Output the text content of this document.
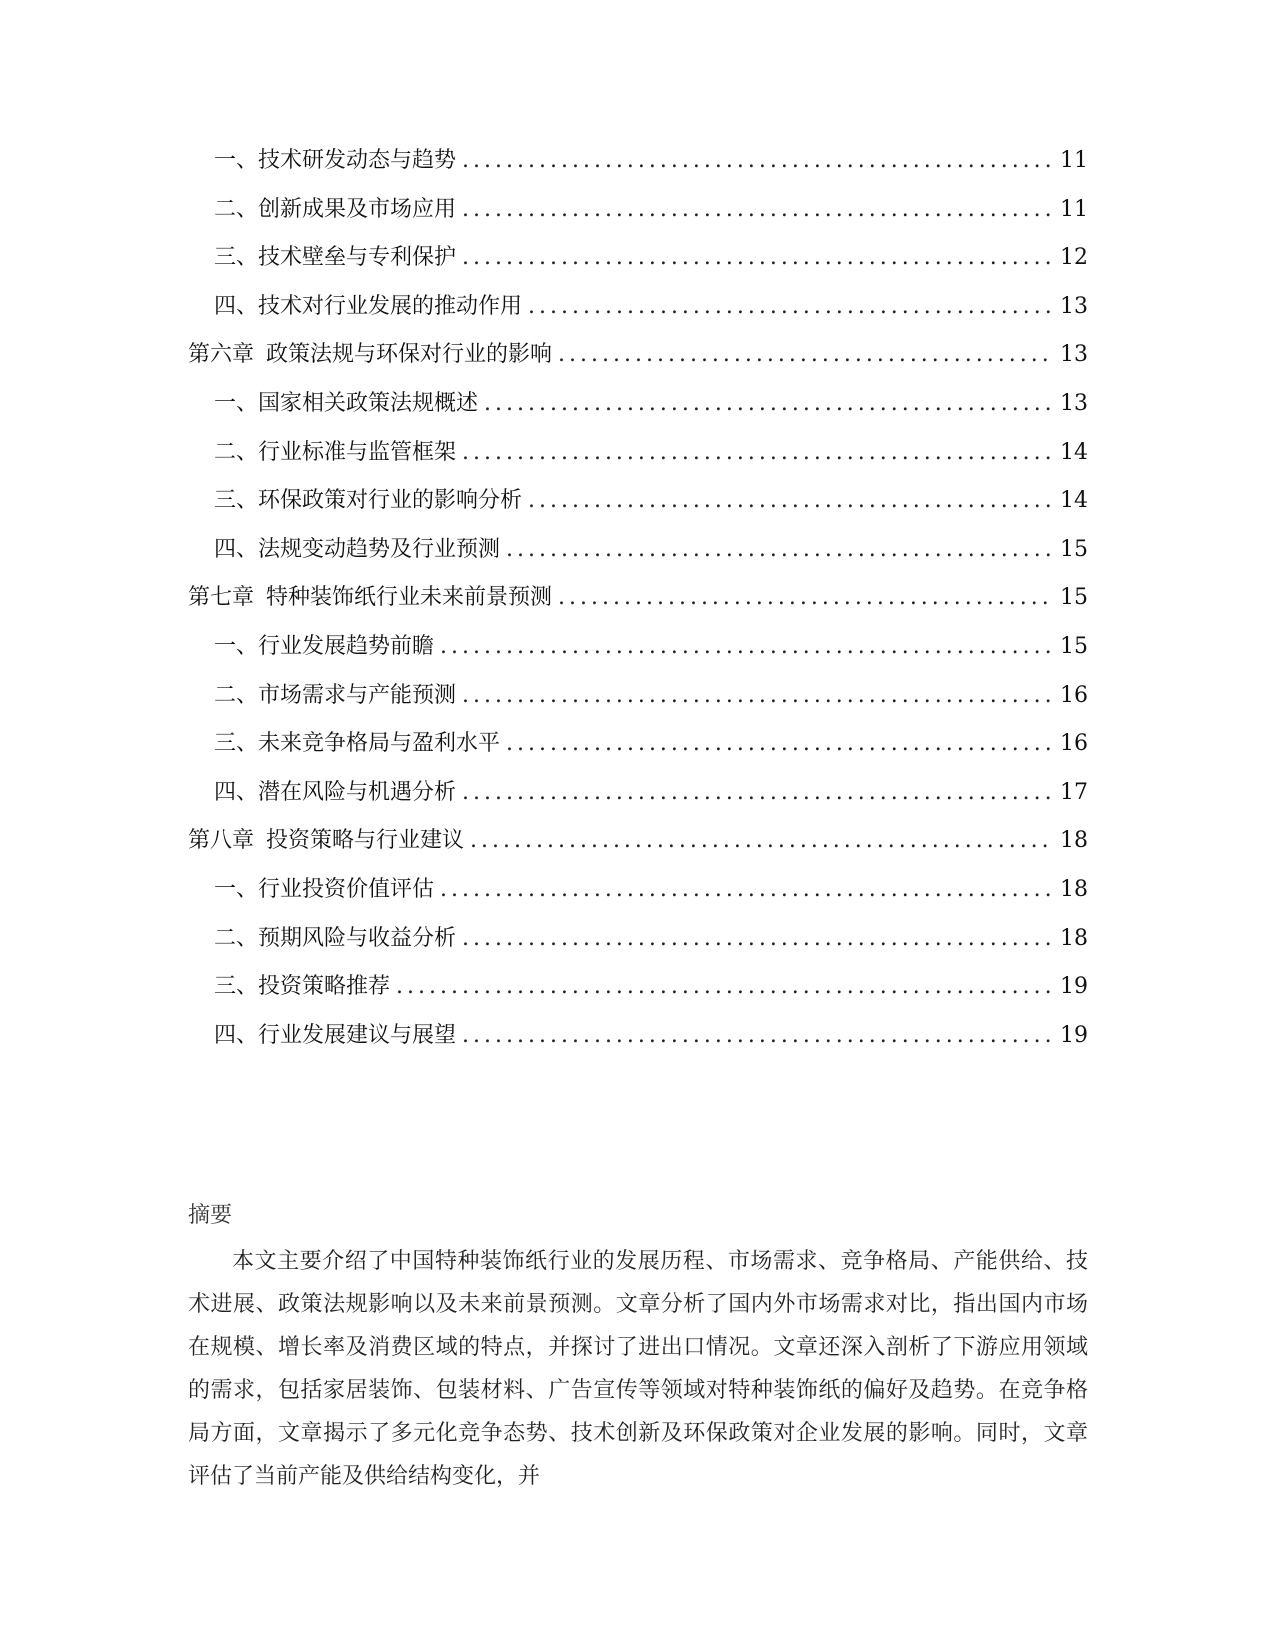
一、 技术研发动态与趋势 .....	11
二、 创新成果及市场应用 .....	11
三、 技术壁垒与专利保护 .....	12
四、 技术对行业发展的推动作用 .....	13
第六章 政策法规与环保对行业的影响 .....	13
一、 国家相关政策法规概述 .....	13
二、 行业标准与监管框架 .....	14
三、 环保政策对行业的影响分析 .....	14
四、 法规变动趋势及行业预测 .....	15
第七章 特种装饰纸行业未来前景预测 .....	15
一、 行业发展趋势前瞻 .....	15
二、 市场需求与产能预测 .....	16
三、 未来竞争格局与盈利水平 .....	16
四、 潜在风险与机遇分析 .....	17
第八章 投资策略与行业建议 .....	18
一、 行业投资价值评估 .....	18
二、 预期风险与收益分析 .....	18
三、 投资策略推荐 .....	19
四、 行业发展建议与展望 .....	19

摘要

本文主要介绍了中国特种装饰纸行业的发展历程、市场需求、竞争格局、产能供给、技术进展、政策法规影响以及未来前景预测。文章分析了国内外市场需求对比，指出国内市场在规模、增长率及消费区域的特点，并探讨了进出口情况。文章还深入剖析了下游应用领域的需求，包括家居装饰、包装材料、广告宣传等领域对特种装饰纸的偏好及趋势。在竞争格局方面，文章揭示了多元化竞争态势、技术创新及环保政策对企业发展的影响。同时，文章评估了当前产能及供给结构变化，并
